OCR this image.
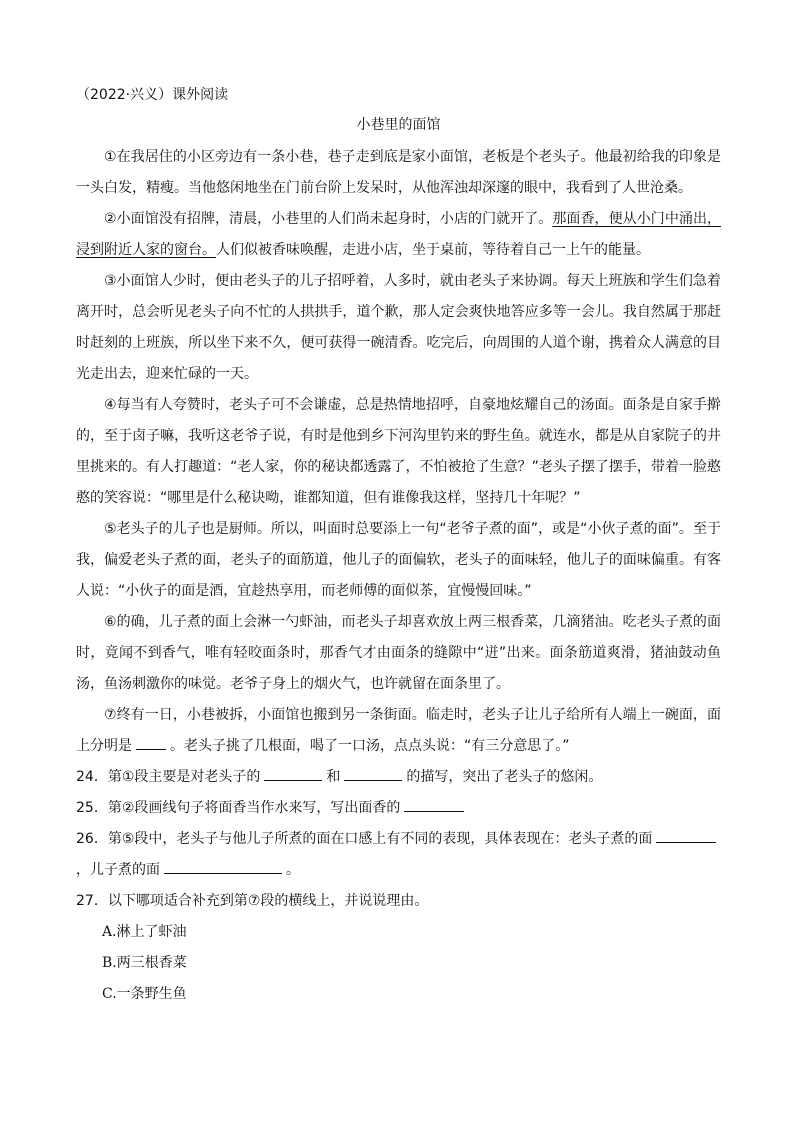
（2022·兴义）课外阅读
小巷里的面馆

①在我居住的小区旁边有一条小巷，巷子走到底是家小面馆，老板是个老头子。他最初给我的印象是一头白发，精瘦。当他悠闲地坐在门前台阶上发呆时，从他浑浊却深邃的眼中，我看到了人世沧桑。

②小面馆没有招牌，清晨，小巷里的人们尚未起身时，小店的门就开了。那面香，便从小门中涌出，浸到附近人家的窗台。人们似被香味唤醒，走进小店，坐于桌前，等待着自己一上午的能量。

③小面馆人少时，便由老头子的儿子招呼着，人多时，就由老头子来协调。每天上班族和学生们急着离开时，总会听见老头子向不忙的人拱拱手，道个歉，那人定会爽快地答应多等一会儿。我自然属于那赶时赶刻的上班族，所以坐下来不久，便可获得一碗清香。吃完后，向周围的人道个谢，携着众人满意的目光走出去，迎来忙碌的一天。

④每当有人夸赞时，老头子可不会谦虚，总是热情地招呼，自豪地炫耀自己的汤面。面条是自家手擀的，至于卤子嘛，我听这老爷子说，有时是他到乡下河沟里钓来的野生鱼。就连水，都是从自家院子的井里挑来的。有人打趣道：“老人家，你的秘诀都透露了，不怕被抢了生意？”老头子摆了摆手，带着一脸憨憨的笑容说：“哪里是什么秘诀呦，谁都知道，但有谁像我这样，坚持几十年呢？”

⑤老头子的儿子也是厨师。所以，叫面时总要添上一句“老爷子煮的面”，或是“小伙子煮的面”。至于我，偏爱老头子煮的面，老头子的面筋道，他儿子的面偏软，老头子的面味轻，他儿子的面味偏重。有客人说：“小伙子的面是酒，宜趁热享用，而老师傅的面似茶，宜慢慢回味。”

⑥的确，儿子煮的面上会淋一勺虾油，而老头子却喜欢放上两三根香菜，几滴猪油。吃老头子煮的面时，竟闻不到香气，唯有轻咬面条时，那香气才由面条的缝隙中“迸”出来。面条筋道爽滑，猪油鼓动鱼汤，鱼汤刺激你的味觉。老爷子身上的烟火气，也许就留在面条里了。

⑦终有一日，小巷被拆，小面馆也搬到另一条街面。临走时，老头子让儿子给所有人端上一碗面，面上分明是	。老头子挑了几根面，喝了一口汤，点点头说：“有三分意思了。”

24．第①段主要是对老头子的	和	的描写，突出了老头子的悠闲。

25．第②段画线句子将面香当作水来写，写出面香的

26．第⑤段中，老头子与他儿子所煮的面在口感上有不同的表现，具体表现在：老头子煮的面，儿子煮的面	。

27．以下哪项适合补充到第⑦段的横线上，并说说理由。

A.淋上了虾油

B.两三根香菜

C.一条野生鱼
